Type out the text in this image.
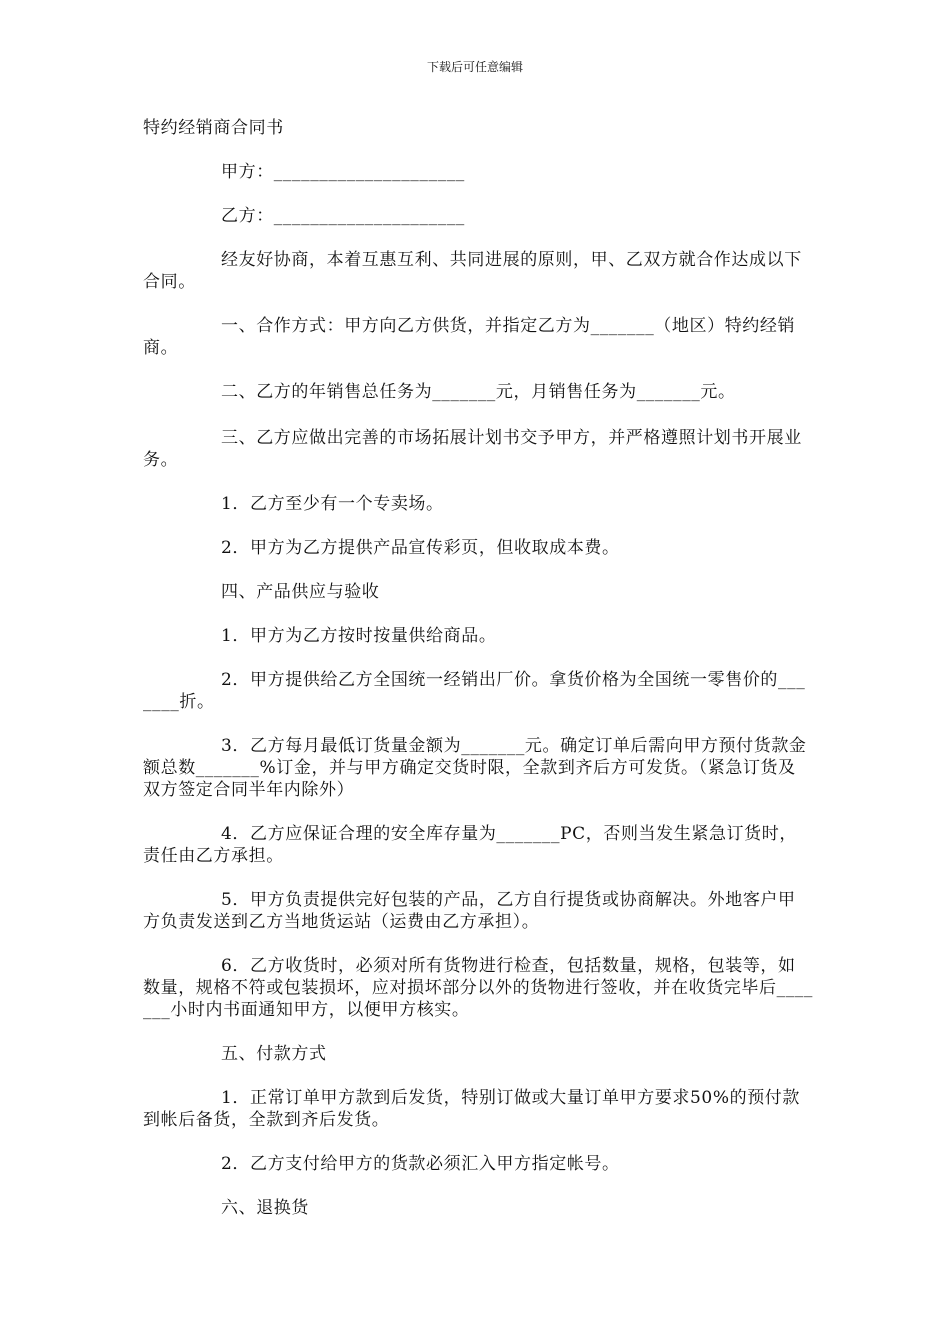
下载后可任意编辑
特约经销商合同书
甲方：_____________________
乙方：_____________________
经友好协商，本着互惠互利、共同进展的原则，甲、乙双方就合作达成以下合同。
一、合作方式：甲方向乙方供货，并指定乙方为_______（地区）特约经销商。
二、乙方的年销售总任务为_______元，月销售任务为_______元。
三、乙方应做出完善的市场拓展计划书交予甲方，并严格遵照计划书开展业务。
1．乙方至少有一个专卖场。
2．甲方为乙方提供产品宣传彩页，但收取成本费。
四、产品供应与验收
1．甲方为乙方按时按量供给商品。
2．甲方提供给乙方全国统一经销出厂价。拿货价格为全国统一零售价的_______折。
3．乙方每月最低订货量金额为_______元。确定订单后需向甲方预付货款金额总数_______%订金，并与甲方确定交货时限，全款到齐后方可发货。（紧急订货及双方签定合同半年内除外）
4．乙方应保证合理的安全库存量为_______PC，否则当发生紧急订货时，责任由乙方承担。
5．甲方负责提供完好包装的产品，乙方自行提货或协商解决。外地客户甲方负责发送到乙方当地货运站（运费由乙方承担）。
6．乙方收货时，必须对所有货物进行检查，包括数量，规格，包装等，如数量，规格不符或包装损坏，应对损坏部分以外的货物进行签收，并在收货完毕后_______小时内书面通知甲方，以便甲方核实。
五、付款方式
1．正常订单甲方款到后发货，特别订做或大量订单甲方要求50%的预付款到帐后备货，全款到齐后发货。
2．乙方支付给甲方的货款必须汇入甲方指定帐号。
六、退换货
